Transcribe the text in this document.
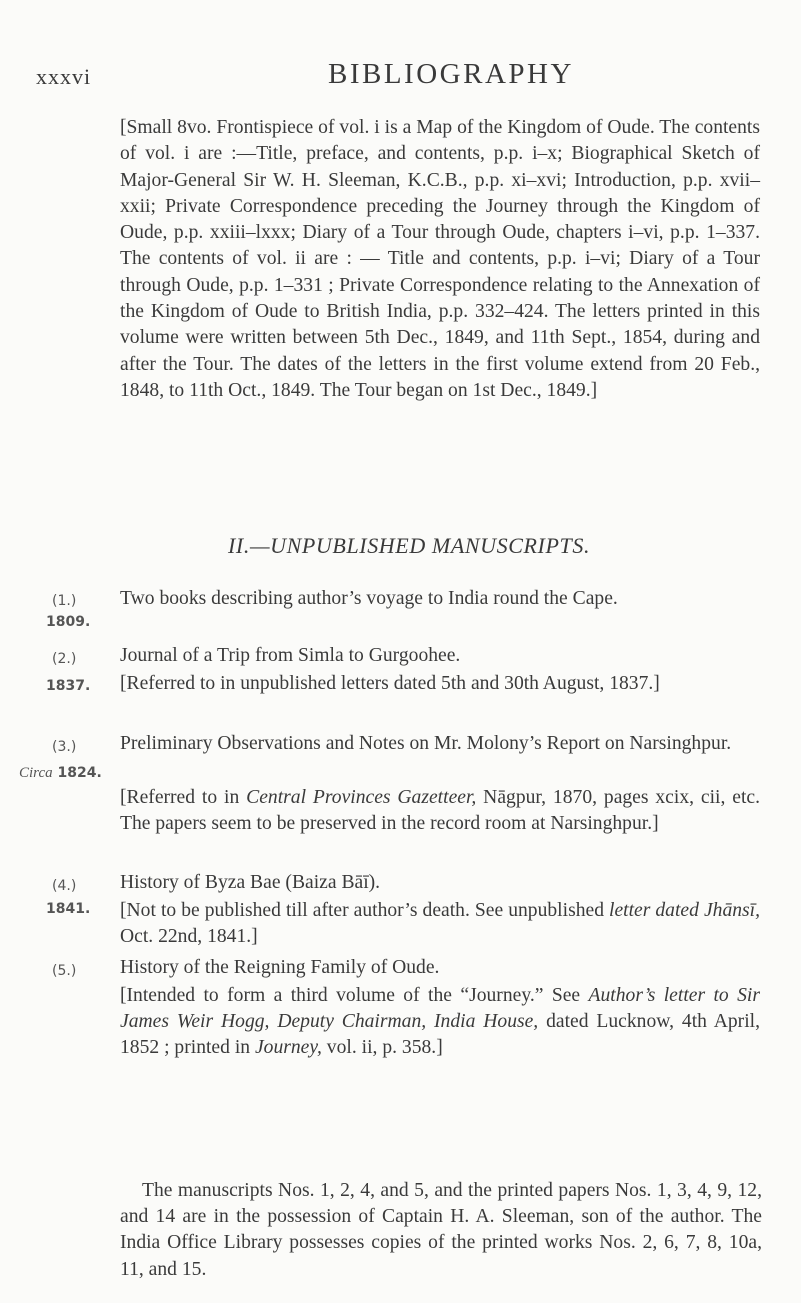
xxxvi	BIBLIOGRAPHY

[Small 8vo. Frontispiece of vol. i is a Map of the Kingdom of Oude. The contents of vol. i are :—Title, preface, and contents, p.p. i–x; Biographical Sketch of Major-General Sir W. H. Sleeman, K.C.B., p.p. xi–xvi; Introduction, p.p. xvii–xxii; Private Correspondence preceding the Journey through the Kingdom of Oude, p.p. xxiii–lxxx; Diary of a Tour through Oude, chapters i–vi, p.p. 1–337. The contents of vol. ii are : — Title and contents, p.p. i–vi; Diary of a Tour through Oude, p.p. 1–331 ; Private Correspondence relating to the Annexation of the Kingdom of Oude to British India, p.p. 332–424. The letters printed in this volume were written between 5th Dec., 1849, and 11th Sept., 1854, during and after the Tour. The dates of the letters in the first volume extend from 20 Feb., 1848, to 11th Oct., 1849. The Tour began on 1st Dec., 1849.]

II.—UNPUBLISHED MANUSCRIPTS.
(1.)
1809.

Two books describing author’s voyage to India round the Cape.

(2.)
1837.

Journal of a Trip from Simla to Gurgoohee.

[Referred to in unpublished letters dated 5th and 30th August, 1837.]

(3.)
Circa 1824.

Preliminary Observations and Notes on Mr. Molony’s Report on Narsinghpur.

[Referred to in Central Provinces Gazetteer, Nāgpur, 1870, pages xcix, cii, etc. The papers seem to be preserved in the record room at Narsinghpur.]

(4.)
1841.

History of Byza Bae (Baiza Bāī).

[Not to be published till after author’s death. See unpublished letter dated Jhānsī, Oct. 22nd, 1841.]

(5.) History of the Reigning Family of Oude.

[Intended to form a third volume of the “Journey.” See Author’s letter to Sir James Weir Hogg, Deputy Chairman, India House, dated Lucknow, 4th April, 1852 ; printed in Journey, vol. ii, p. 358.]

The manuscripts Nos. 1, 2, 4, and 5, and the printed papers Nos. 1, 3, 4, 9, 12, and 14 are in the possession of Captain H. A. Sleeman, son of the author. The India Office Library possesses copies of the printed works Nos. 2, 6, 7, 8, 10a, 11, and 15.
